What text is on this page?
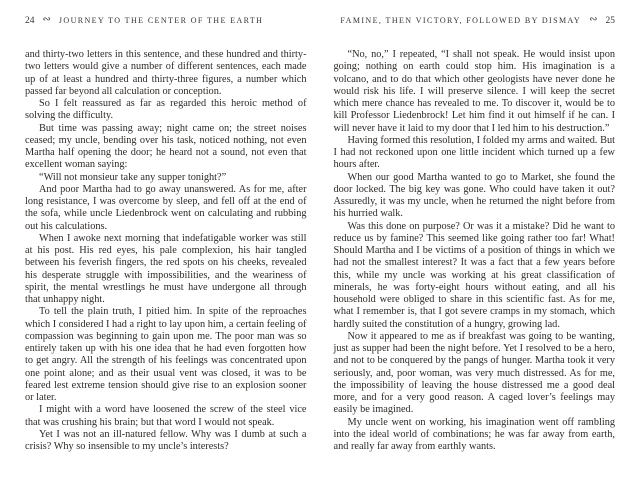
24 ∾ JOURNEY TO THE CENTER OF THE EARTH

and thirty-two letters in this sentence, and these hundred and thirty-two letters would give a number of different sentences, each made up of at least a hundred and thirty-three figures, a number which passed far beyond all calculation or conception.

So I felt reassured as far as regarded this heroic method of solving the difficulty.

But time was passing away; night came on; the street noises ceased; my uncle, bending over his task, noticed nothing, not even Martha half opening the door; he heard not a sound, not even that excellent woman saying:

“Will not monsieur take any supper tonight?”

And poor Martha had to go away unanswered. As for me, after long resistance, I was overcome by sleep, and fell off at the end of the sofa, while uncle Liedenbrock went on calculating and rubbing out his calculations.

When I awoke next morning that indefatigable worker was still at his post. His red eyes, his pale complexion, his hair tangled between his feverish fingers, the red spots on his cheeks, revealed his desperate struggle with impossibilities, and the weariness of spirit, the mental wrestlings he must have undergone all through that unhappy night.

To tell the plain truth, I pitied him. In spite of the reproaches which I considered I had a right to lay upon him, a certain feeling of compassion was beginning to gain upon me. The poor man was so entirely taken up with his one idea that he had even forgotten how to get angry. All the strength of his feelings was concentrated upon one point alone; and as their usual vent was closed, it was to be feared lest extreme tension should give rise to an explosion sooner or later.

I might with a word have loosened the screw of the steel vice that was crushing his brain; but that word I would not speak.

Yet I was not an ill-natured fellow. Why was I dumb at such a crisis? Why so insensible to my uncle’s interests?

FAMINE, THEN VICTORY, FOLLOWED BY DISMAY ∾ 25

“No, no,” I repeated, “I shall not speak. He would insist upon going; nothing on earth could stop him. His imagination is a volcano, and to do that which other geologists have never done he would risk his life. I will preserve silence. I will keep the secret which mere chance has revealed to me. To discover it, would be to kill Professor Liedenbrock! Let him find it out himself if he can. I will never have it laid to my door that I led him to his destruction.”

Having formed this resolution, I folded my arms and waited. But I had not reckoned upon one little incident which turned up a few hours after.

When our good Martha wanted to go to Market, she found the door locked. The big key was gone. Who could have taken it out? Assuredly, it was my uncle, when he returned the night before from his hurried walk.

Was this done on purpose? Or was it a mistake? Did he want to reduce us by famine? This seemed like going rather too far! What! Should Martha and I be victims of a position of things in which we had not the smallest interest? It was a fact that a few years before this, while my uncle was working at his great classification of minerals, he was forty-eight hours without eating, and all his household were obliged to share in this scientific fast. As for me, what I remember is, that I got severe cramps in my stomach, which hardly suited the constitution of a hungry, growing lad.

Now it appeared to me as if breakfast was going to be wanting, just as supper had been the night before. Yet I resolved to be a hero, and not to be conquered by the pangs of hunger. Martha took it very seriously, and, poor woman, was very much distressed. As for me, the impossibility of leaving the house distressed me a good deal more, and for a very good reason. A caged lover’s feelings may easily be imagined.

My uncle went on working, his imagination went off rambling into the ideal world of combinations; he was far away from earth, and really far away from earthly wants.
